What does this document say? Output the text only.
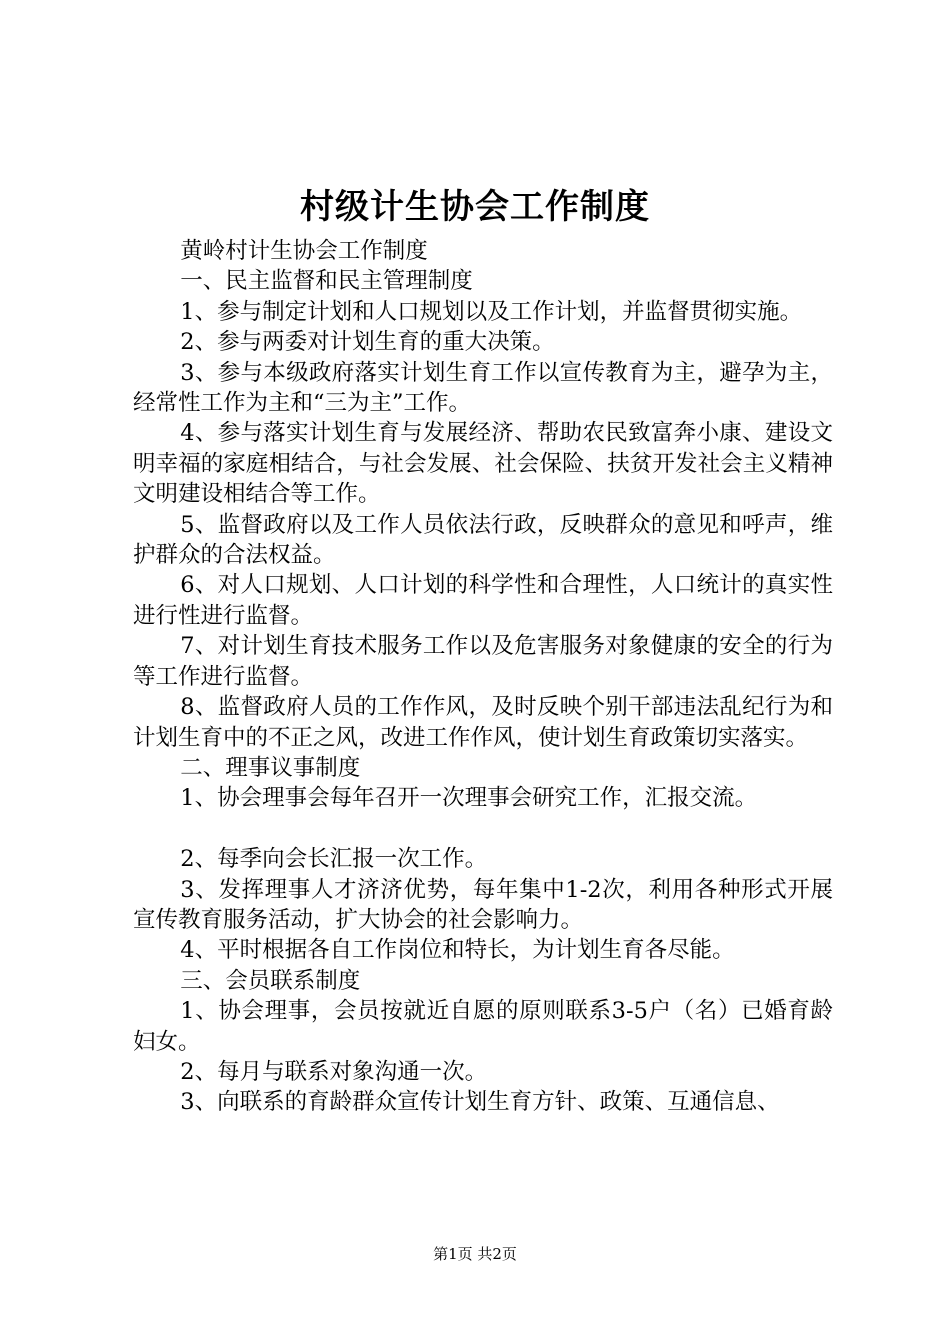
村级计生协会工作制度

黄岭村计生协会工作制度

一、民主监督和民主管理制度

1、参与制定计划和人口规划以及工作计划，并监督贯彻实施。

2、参与两委对计划生育的重大决策。

3、参与本级政府落实计划生育工作以宣传教育为主，避孕为主，经常性工作为主和“三为主”工作。

4、参与落实计划生育与发展经济、帮助农民致富奔小康、建设文明幸福的家庭相结合，与社会发展、社会保险、扶贫开发社会主义精神文明建设相结合等工作。

5、监督政府以及工作人员依法行政，反映群众的意见和呼声，维护群众的合法权益。

6、对人口规划、人口计划的科学性和合理性，人口统计的真实性进行性进行监督。

7、对计划生育技术服务工作以及危害服务对象健康的安全的行为等工作进行监督。

8、监督政府人员的工作作风，及时反映个别干部违法乱纪行为和计划生育中的不正之风，改进工作作风，使计划生育政策切实落实。

二、理事议事制度

1、协会理事会每年召开一次理事会研究工作，汇报交流。

2、每季向会长汇报一次工作。

3、发挥理事人才济济优势，每年集中1-2次，利用各种形式开展宣传教育服务活动，扩大协会的社会影响力。

4、平时根据各自工作岗位和特长，为计划生育各尽能。

三、会员联系制度

1、协会理事，会员按就近自愿的原则联系3-5户（名）已婚育龄妇女。

2、每月与联系对象沟通一次。

3、向联系的育龄群众宣传计划生育方针、政策、互通信息、

第1页 共2页
